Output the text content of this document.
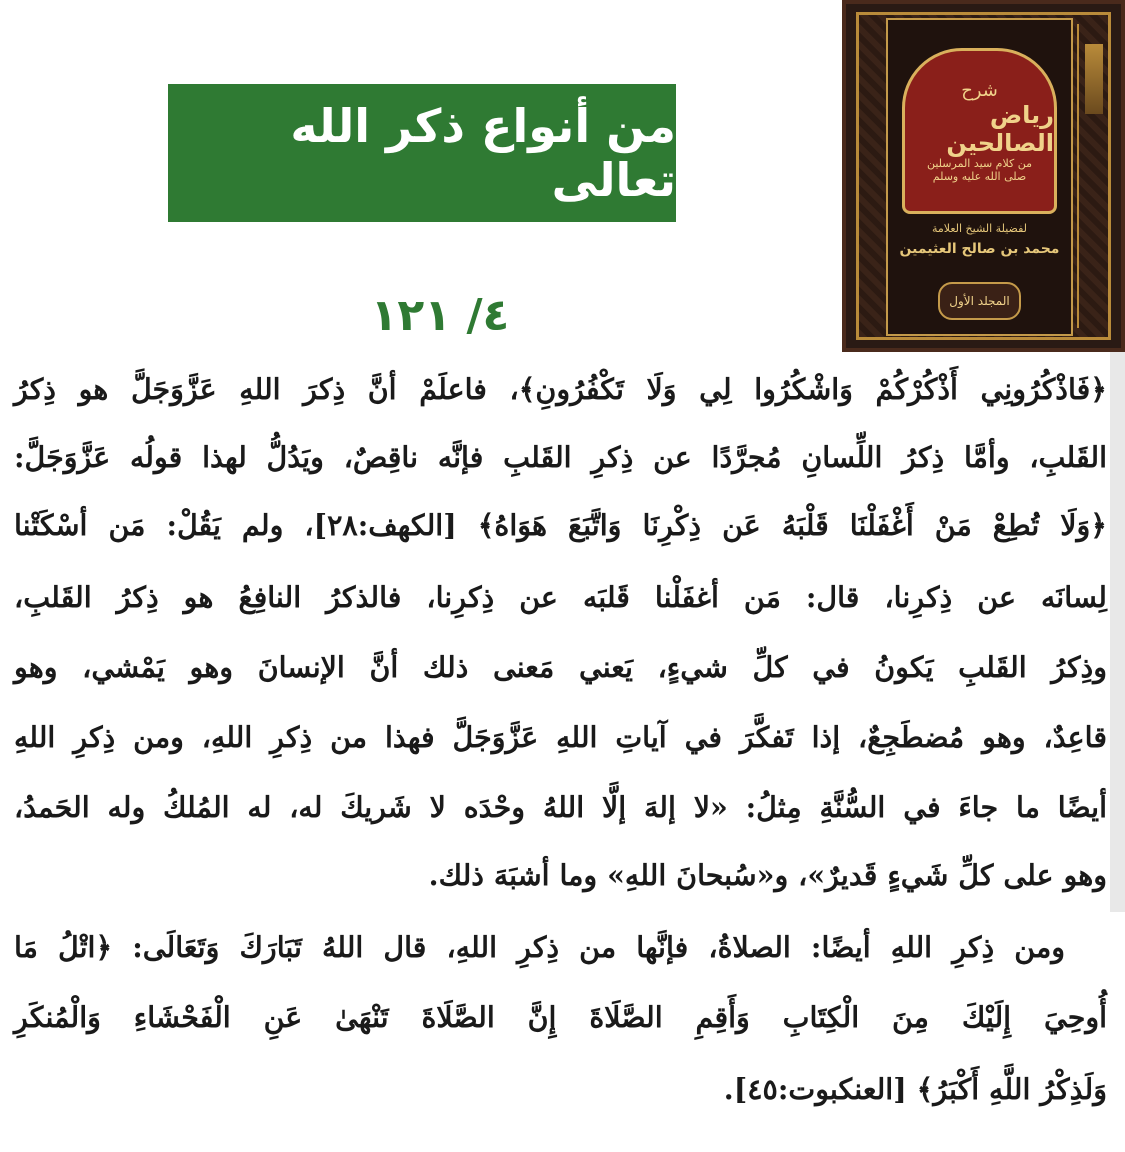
من أنواع ذكر الله تعالى
٤/ ١٢١
شرح
رياض الصالحين
من كلام سيد المرسلين
صلى الله عليه وسلم
لفضيلة الشيخ العلامة
محمد بن صالح العثيمين
المجلد الأول
﴿فَاذْكُرُونِي أَذْكُرْكُمْ وَاشْكُرُوا لِي وَلَا تَكْفُرُونِ﴾، فاعلَمْ أنَّ ذِكرَ اللهِ عَزَّوَجَلَّ هو ذِكرُ
القَلبِ، وأمَّا ذِكرُ اللِّسانِ مُجرَّدًا عن ذِكرِ القَلبِ فإنَّه ناقِصٌ، ويَدُلُّ لهذا قولُه عَزَّوَجَلَّ:
﴿وَلَا تُطِعْ مَنْ أَغْفَلْنَا قَلْبَهُ عَن ذِكْرِنَا وَاتَّبَعَ هَوَاهُ﴾ [الكهف:٢٨]، ولم يَقُلْ: مَن أسْكَتْنا
لِسانَه عن ذِكرِنا، قال: مَن أغفَلْنا قَلبَه عن ذِكرِنا، فالذكرُ النافِعُ هو ذِكرُ القَلبِ،
وذِكرُ القَلبِ يَكونُ في كلِّ شيءٍ، يَعني مَعنى ذلك أنَّ الإنسانَ وهو يَمْشي، وهو
قاعِدٌ، وهو مُضطَجِعٌ، إذا تَفكَّرَ في آياتِ اللهِ عَزَّوَجَلَّ فهذا من ذِكرِ اللهِ، ومن ذِكرِ اللهِ
أيضًا ما جاءَ في السُّنَّةِ مِثلُ: «لا إلهَ إلَّا اللهُ وحْدَه لا شَريكَ له، له المُلكُ وله الحَمدُ،
وهو على كلِّ شَيءٍ قَديرٌ»، و«سُبحانَ اللهِ» وما أشبَهَ ذلك.
ومن ذِكرِ اللهِ أيضًا: الصلاةُ، فإنَّها من ذِكرِ اللهِ، قال اللهُ تَبَارَكَ وَتَعَالَى: ﴿اتْلُ مَا
أُوحِيَ إِلَيْكَ مِنَ الْكِتَابِ وَأَقِمِ الصَّلَاةَ إِنَّ الصَّلَاةَ تَنْهَىٰ عَنِ الْفَحْشَاءِ وَالْمُنكَرِ
وَلَذِكْرُ اللَّهِ أَكْبَرُ﴾ [العنكبوت:٤٥].
